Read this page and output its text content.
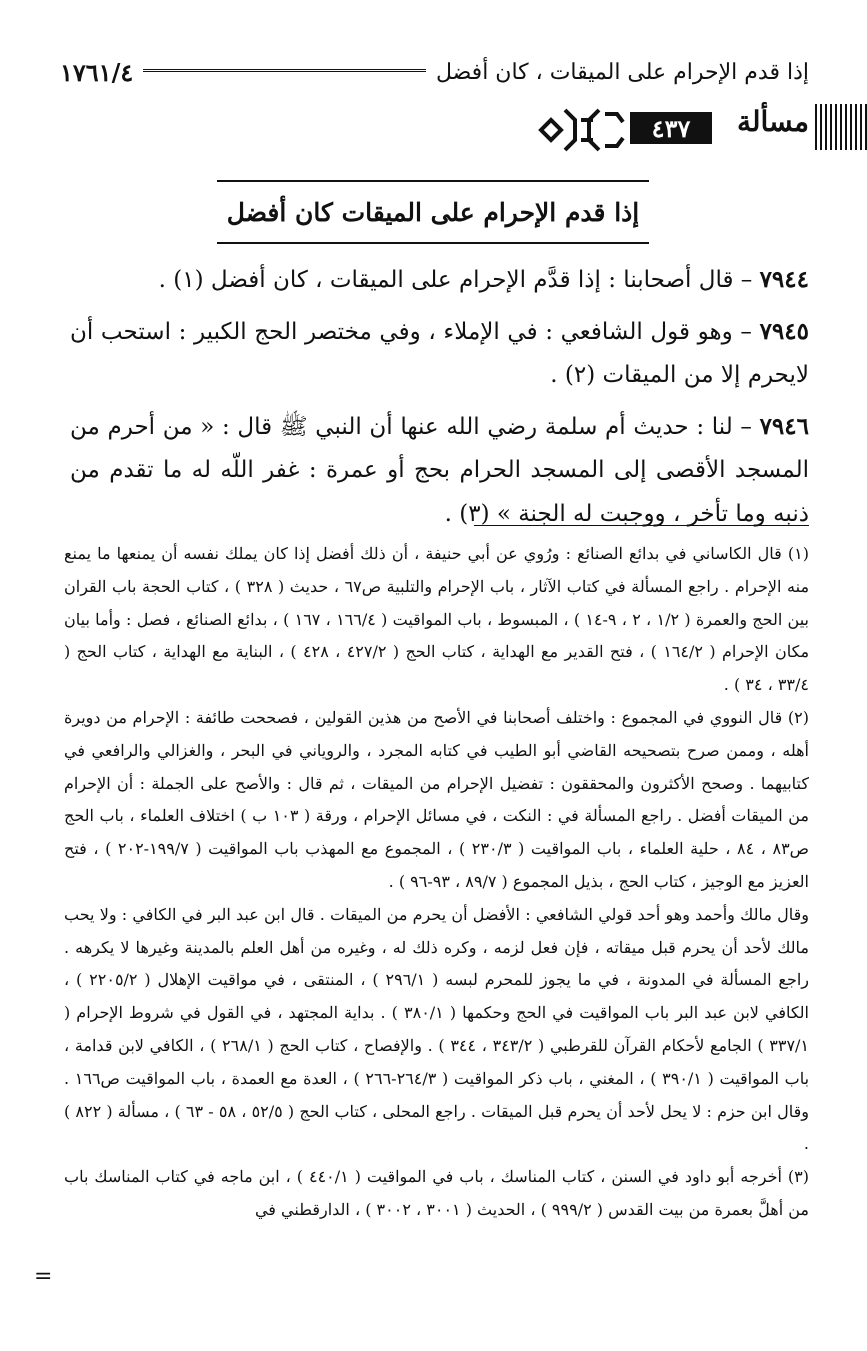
إذا قدم الإحرام على الميقات ، كان أفضل
١٧٦١/٤
مسألة
٤٣٧
إذا قدم الإحرام على الميقات كان أفضل

٧٩٤٤ – قال أصحابنا : إذا قدَّم الإحرام على الميقات ، كان أفضل (١) .

٧٩٤٥ – وهو قول الشافعي : في الإملاء ، وفي مختصر الحج الكبير : استحب أن لايحرم إلا من الميقات (٢) .

٧٩٤٦ – لنا : حديث أم سلمة رضي الله عنها أن النبي ﷺ قال : « من أحرم من المسجد الأقصى إلى المسجد الحرام بحج أو عمرة : غفر اللّه له ما تقدم من ذنبه وما تأخر ، ووجبت له الجنة » (٣) .

(١) قال الكاساني في بدائع الصنائع : ورُوي عن أبي حنيفة ، أن ذلك أفضل إذا كان يملك نفسه أن يمنعها ما يمنع منه الإحرام . راجع المسألة في كتاب الآثار ، باب الإحرام والتلبية ص٦٧ ، حديث ( ٣٢٨ ) ، كتاب الحجة باب القران بين الحج والعمرة ( ١/٢ ، ٢ ، ٩-١٤ ) ، المبسوط ، باب المواقيت ( ١٦٦/٤ ، ١٦٧ ) ، بدائع الصنائع ، فصل : وأما بيان مكان الإحرام ( ١٦٤/٢ ) ، فتح القدير مع الهداية ، كتاب الحج ( ٤٢٧/٢ ، ٤٢٨ ) ، البناية مع الهداية ، كتاب الحج ( ٣٣/٤ ، ٣٤ ) .

(٢) قال النووي في المجموع : واختلف أصحابنا في الأصح من هذين القولين ، فصححت طائفة : الإحرام من دويرة أهله ، وممن صرح بتصحيحه القاضي أبو الطيب في كتابه المجرد ، والروياني في البحر ، والغزالي والرافعي في كتابيهما . وصحح الأكثرون والمحققون : تفضيل الإحرام من الميقات ، ثم قال : والأصح على الجملة : أن الإحرام من الميقات أفضل . راجع المسألة في : النكت ، في مسائل الإحرام ، ورقة ( ١٠٣ ب ) اختلاف العلماء ، باب الحج ص٨٣ ، ٨٤ ، حلية العلماء ، باب المواقيت ( ٢٣٠/٣ ) ، المجموع مع المهذب باب المواقيت ( ١٩٩/٧-٢٠٢ ) ، فتح العزيز مع الوجيز ، كتاب الحج ، بذيل المجموع ( ٨٩/٧ ، ٩٣-٩٦ ) .

وقال مالك وأحمد وهو أحد قولي الشافعي : الأفضل أن يحرم من الميقات . قال ابن عبد البر في الكافي : ولا يحب مالك لأحد أن يحرم قبل ميقاته ، فإن فعل لزمه ، وكره ذلك له ، وغيره من أهل العلم بالمدينة وغيرها لا يكرهه . راجع المسألة في المدونة ، في ما يجوز للمحرم لبسه ( ٢٩٦/١ ) ، المنتقى ، في مواقيت الإهلال ( ٢٢٠٥/٢ ) ، الكافي لابن عبد البر باب المواقيت في الحج وحكمها ( ٣٨٠/١ ) . بداية المجتهد ، في القول في شروط الإحرام ( ٣٣٧/١ ) الجامع لأحكام القرآن للقرطبي ( ٣٤٣/٢ ، ٣٤٤ ) . والإفصاح ، كتاب الحج ( ٢٦٨/١ ) ، الكافي لابن قدامة ، باب المواقيت ( ٣٩٠/١ ) ، المغني ، باب ذكر المواقيت ( ٢٦٤/٣-٢٦٦ ) ، العدة مع العمدة ، باب المواقيت ص١٦٦ . وقال ابن حزم : لا يحل لأحد أن يحرم قبل الميقات . راجع المحلى ، كتاب الحج ( ٥٢/٥ ، ٥٨ - ٦٣ ) ، مسألة ( ٨٢٢ ) .

(٣) أخرجه أبو داود في السنن ، كتاب المناسك ، باب في المواقيت ( ٤٤٠/١ ) ، ابن ماجه في كتاب المناسك باب من أهلَّ بعمرة من بيت القدس ( ٩٩٩/٢ ) ، الحديث ( ٣٠٠١ ، ٣٠٠٢ ) ، الدارقطني في

=
